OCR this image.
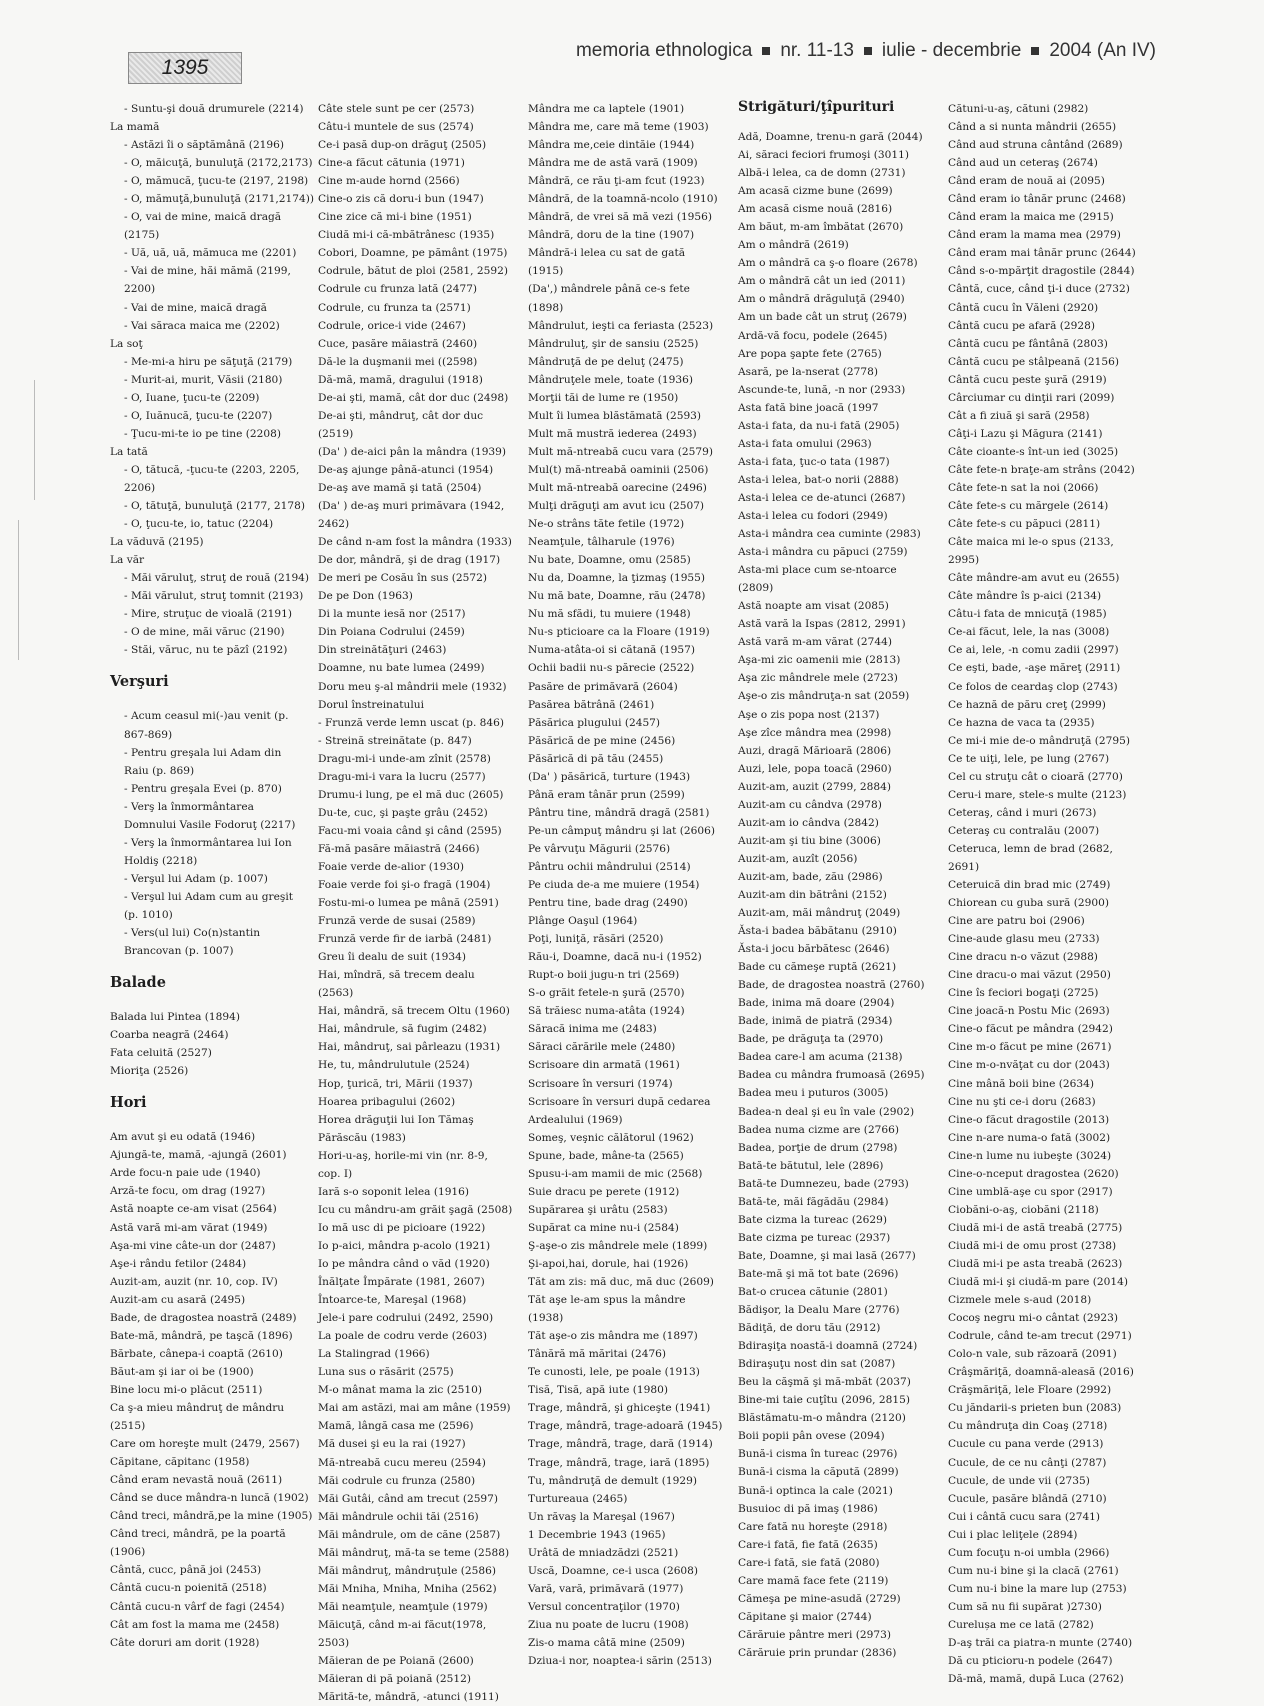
1395
memoria ethnologica nr. 11-13 iulie - decembrie 2004 (An IV)
- Suntu-şi două drumurele (2214)
La mamă
- Astăzi îi o săptămână (2196)
- O, măicuţă, bunuluţă (2172,2173)
- O, mămucă, ţucu-te (2197, 2198)
- O, mămuţă,bunuluţă (2171,2174))
- O, vai de mine, maică dragă (2175)
- Uă, uă, uă, mămuca me (2201)
- Vai de mine, hăi mămă (2199, 2200)
- Vai de mine, maică dragă
- Vai săraca maica me (2202)
La soţ
- Me-mi-a hiru pe săţuţă (2179)
- Murit-ai, murit, Văsii (2180)
- O, Iuane, ţucu-te (2209)
- O, Iuănucă, ţucu-te (2207)
- Ţucu-mi-te io pe tine (2208)
La tată
- O, tătucă, -ţucu-te (2203, 2205, 2206)
- O, tătuţă, bunuluţă (2177, 2178)
- O, ţucu-te, io, tatuc (2204)
La văduvă (2195)
La văr
- Măi văruluţ, struţ de rouă (2194)
- Măi vărulut, struţ tomnit (2193)
- Mire, struţuc de vioală (2191)
- O de mine, măi văruc (2190)
- Stăi, văruc, nu te păzî (2192)
Verşuri
- Acum ceasul mi(-)au venit (p. 867-869)
- Pentru greşala lui Adam din Raiu (p. 869)
- Pentru greşala Evei (p. 870)
- Verş la înmormântarea Domnului Vasile Fodoruţ (2217)
- Verş la înmormântarea lui Ion Holdiş (2218)
- Verşul lui Adam (p. 1007)
- Verşul lui Adam cum au greşit (p. 1010)
- Vers(ul lui) Co(n)stantin Brancovan (p. 1007)
Balade
Balada lui Pintea (1894)
Coarba neagră (2464)
Fata celuită (2527)
Mioriţa (2526)
Hori
Am avut şi eu odată (1946)
Ajungă-te, mamă, -ajungă (2601)
Arde focu-n paie ude (1940)
Arză-te focu, om drag (1927)
Astă noapte ce-am visat (2564)
Astă vară mi-am vărat (1949)
Aşa-mi vine câte-un dor (2487)
Aşe-i rându fetilor (2484)
Auzit-am, auzit (nr. 10, cop. IV)
Auzit-am cu asară (2495)
Bade, de dragostea noastră (2489)
Bate-mă, mândră, pe taşcă (1896)
Bărbate, cânepa-i coaptă (2610)
Băut-am şi iar oi be (1900)
Bine locu mi-o plăcut (2511)
Ca ş-a mieu mândruţ de mândru (2515)
Care om horeşte mult (2479, 2567)
Căpitane, căpitanc (1958)
Când eram nevastă nouă (2611)
Când se duce mândra-n luncă (1902)
Când treci, mândră,pe la mine (1905)
Când treci, mândră, pe la poartă (1906)
Cântă, cucc, până joi (2453)
Cântă cucu-n poienită (2518)
Cântă cucu-n vârf de fagi (2454)
Cât am fost la mama me (2458)
Câte doruri am dorit (1928)
Câte stele sunt pe cer (2573)
Câtu-i muntele de sus (2574)
Ce-i pasă dup-on drăguţ (2505)
Cine-a făcut cătunia (1971)
Cine m-aude hornd (2566)
Cine-o zis că doru-i bun (1947)
Cine zice că mi-i bine (1951)
Ciudă mi-i că-mbătrânesc (1935)
Cobori, Doamne, pe pământ (1975)
Codrule, bătut de ploi (2581, 2592)
Codrule cu frunza lată (2477)
Codrule, cu frunza ta (2571)
Codrule, orice-i vide (2467)
Cuce, pasăre măiastră (2460)
Dă-le la duşmanii mei ((2598)
Dă-mă, mamă, dragului (1918)
De-ai şti, mamă, cât dor duc (2498)
De-ai şti, mândruţ, cât dor duc (2519)
(Da' ) de-aici pân la mândra (1939)
De-aş ajunge până-atunci (1954)
De-aş ave mamă şi tată (2504)
(Da' ) de-aş muri primăvara (1942, 2462)
De când n-am fost la mândra (1933)
De dor, mândră, şi de drag (1917)
De meri pe Cosău în sus (2572)
De pe Don (1963)
Di la munte iesă nor (2517)
Din Poiana Codrului (2459)
Din streinătăţuri (2463)
Doamne, nu bate lumea (2499)
Doru meu ş-al mândrii mele (1932)
Dorul înstreinatului
- Frunză verde lemn uscat (p. 846)
- Streină streinătate (p. 847)
Dragu-mi-i unde-am zînit (2578)
Dragu-mi-i vara la lucru (2577)
Drumu-i lung, pe el mă duc (2605)
Du-te, cuc, şi paşte grâu (2452)
Facu-mi voaia când şi când (2595)
Fă-mă pasăre măiastră (2466)
Foaie verde de-alior (1930)
Foaie verde foi şi-o fragă (1904)
Fostu-mi-o lumea pe mână (2591)
Frunză verde de susai (2589)
Frunză verde fir de iarbă (2481)
Greu îi dealu de suit (1934)
Hai, mîndră, să trecem dealu (2563)
Hai, mândră, să trecem Oltu (1960)
Hai, mândrule, să fugim (2482)
Hai, mândruţ, sai pârleazu (1931)
He, tu, mândrulutule (2524)
Hop, ţurică, tri, Mării (1937)
Hoarea pribagului (2602)
Horea drăguţii lui Ion Tămaş Părăscău (1983)
Hori-u-aş, horile-mi vin (nr. 8-9, cop. I)
Iară s-o soponit lelea (1916)
Icu cu mândru-am grăit şagă (2508)
Io mă usc di pe picioare (1922)
Io p-aici, mândra p-acolo (1921)
Io pe mândra când o văd (1920)
Înălţate Împărate (1981, 2607)
Întoarce-te, Mareşal (1968)
Jele-i pare codrului (2492, 2590)
La poale de codru verde (2603)
La Stalingrad (1966)
Luna sus o răsărit (2575)
M-o mânat mama la zic (2510)
Mai am astăzi, mai am mâne (1959)
Mamă, lângă casa me (2596)
Mă dusei şi eu la rai (1927)
Mă-ntreabă cucu mereu (2594)
Măi codrule cu frunza (2580)
Măi Gutâi, când am trecut (2597)
Măi mândrule ochii tăi (2516)
Măi mândrule, om de căne (2587)
Măi mândruţ, mă-ta se teme (2588)
Măi mândruţ, mândruţule (2586)
Măi Mniha, Mniha, Mniha (2562)
Măi neamţule, neamţule (1979)
Măicuţă, când m-ai făcut(1978, 2503)
Măieran de pe Poiană (2600)
Măieran di pă poiană (2512)
Mărită-te, mândră, -atunci (1911)
Mândra me ca laptele (1901)
Mândra me, care mă teme (1903)
Mândra me,ceie dintăie (1944)
Mândra me de astă vară (1909)
Mândră, ce rău ţi-am fcut (1923)
Mândră, de la toamnă-ncolo (1910)
Mândră, de vrei să mă vezi (1956)
Mândră, doru de la tine (1907)
Mândră-i lelea cu sat de gată (1915)
(Da',) mândrele până ce-s fete (1898)
Mândrulut, ieşti ca feriasta (2523)
Mândruluţ, şir de sansiu (2525)
Mândruţă de pe deluţ (2475)
Mândruţele mele, toate (1936)
Morţii tăi de lume re (1950)
Mult îi lumea blăstămată (2593)
Mult mă mustră iederea (2493)
Mult mă-ntreabă cucu vara (2579)
Mul(t) mă-ntreabă oaminii (2506)
Mult mă-ntreabă oarecine (2496)
Mulţi drăguţi am avut icu (2507)
Ne-o strâns tăte fetile (1972)
Neamţule, tâlharule (1976)
Nu bate, Doamne, omu (2585)
Nu da, Doamne, la ţizmaş (1955)
Nu mă bate, Doamne, rău (2478)
Nu mă sfădi, tu muiere (1948)
Nu-s pticioare ca la Floare (1919)
Numa-atâta-oi si cătană (1957)
Ochii badii nu-s părecie (2522)
Pasăre de primăvară (2604)
Pasărea bătrână (2461)
Păsărica plugului (2457)
Păsărică de pe mine (2456)
Păsărică di pă tău (2455)
(Da' ) păsărică, turture (1943)
Până eram tânăr prun (2599)
Pântru tine, mândră dragă (2581)
Pe-un câmpuţ mândru şi lat (2606)
Pe vârvuţu Măgurii (2576)
Pântru ochii mândrului (2514)
Pe ciuda de-a me muiere (1954)
Pentru tine, bade drag (2490)
Plânge Oaşul (1964)
Poţi, luniţă, răsări (2520)
Rău-i, Doamne, dacă nu-i (1952)
Rupt-o boii jugu-n tri (2569)
S-o grăit fetele-n şură (2570)
Să trăiesc numa-atâta (1924)
Săracă inima me (2483)
Săraci cărările mele (2480)
Scrisoare din armată (1961)
Scrisoare în versuri (1974)
Scrisoare în versuri după cedarea Ardealului (1969)
Someş, veşnic călătorul (1962)
Spune, bade, mâne-ta (2565)
Spusu-i-am mamii de mic (2568)
Suie dracu pe perete (1912)
Supărarea şi urâtu (2583)
Supărat ca mine nu-i (2584)
Ş-aşe-o zis mândrele mele (1899)
Şi-apoi,hai, dorule, hai (1926)
Tăt am zis: mă duc, mă duc (2609)
Tăt aşe le-am spus la mândre (1938)
Tăt aşe-o zis mândra me (1897)
Tânără mă măritai (2476)
Te cunosti, lele, pe poale (1913)
Tisă, Tisă, apă iute (1980)
Trage, mândră, şi ghicеşte (1941)
Trage, mândră, trage-adoară (1945)
Trage, mândră, trage, dară (1914)
Trage, mândră, trage, iară (1895)
Tu, mândruţă de demult (1929)
Turturеaua (2465)
Un răvaş la Mareşal (1967)
1 Decembrie 1943 (1965)
Urâtă de mniadzădzi (2521)
Uscă, Doamne, ce-i usca (2608)
Vară, vară, primăvară (1977)
Versul concentraţilor (1970)
Ziua nu poate de lucru (1908)
Zis-o mama câtă mine (2509)
Dziua-i nor, noaptea-i sărin (2513)
Strigături/ţîpurituri
Adă, Doamne, trenu-n gară (2044)
Ai, săraci feciori frumoşi (3011)
Albă-i lelea, ca de domn (2731)
Am acasă cizme bune (2699)
Am acasă cisme nouă (2816)
Am băut, m-am îmbătat (2670)
Am o mândră (2619)
Am o mândră ca ş-o floare (2678)
Am o mândră cât un ied (2011)
Am o mândră drăguluţă (2940)
Am un bade cât un struţ (2679)
Ardă-vă focu, podele (2645)
Are popa şapte fete (2765)
Asară, pe la-nserat (2778)
Ascunde-te, lună, -n nor (2933)
Asta fată bine joacă (1997
Asta-i fata, da nu-i fată (2905)
Asta-i fata omului (2963)
Asta-i fata, ţuc-o tata (1987)
Asta-i lelea, bat-o norii (2888)
Asta-i lelea ce de-atunci (2687)
Asta-i lelea cu fodori (2949)
Asta-i mândra cea cuminte (2983)
Asta-i mândra cu păpuci (2759)
Asta-mi place cum se-ntoarce (2809)
Astă noapte am visat (2085)
Astă vară la Ispas (2812, 2991)
Astă vară m-am vărat (2744)
Aşa-mi zic oamenii mie (2813)
Aşa zic mândrele mele (2723)
Aşe-o zis mândruţa-n sat (2059)
Aşe o zis popa nost (2137)
Aşe zîce mândra mea (2998)
Auzi, dragă Mărioară (2806)
Auzi, lele, popa toacă (2960)
Auzit-am, auzit (2799, 2884)
Auzit-am cu cândva (2978)
Auzit-am io cândva (2842)
Auzit-am şi tiu bine (3006)
Auzit-am, auzît (2056)
Auzit-am, bade, zău (2986)
Auzit-am din bătrâni (2152)
Auzit-am, măi mândruţ (2049)
Ăsta-i badea băbătanu (2910)
Ăsta-i jocu bărbătesc (2646)
Bade cu cămeşe ruptă (2621)
Bade, de dragostea noastră (2760)
Bade, inima mă doare (2904)
Bade, inimă de piatră (2934)
Bade, pe drăguţa ta (2970)
Badea care-l am acuma (2138)
Badea cu mândra frumoasă (2695)
Badea meu i puturos (3005)
Badea-n deal şi eu în vale (2902)
Badea numa cizme are (2766)
Badea, porţie de drum (2798)
Bată-te bătutul, lele (2896)
Bată-te Dumnezeu, bade (2793)
Bată-te, măi făgădău (2984)
Bate cizma la tureac (2629)
Bate cizma pe tureac (2937)
Bate, Doamne, şi mai lasă (2677)
Bate-mă şi mă tot bate (2696)
Bat-o crucea cătunie (2801)
Bădişor, la Dealu Mare (2776)
Bădiţă, de doru tău (2912)
Bdiraşiţa noastă-i doamnă (2724)
Bdiraşuţu nost din sat (2087)
Beu la căşmă şi mă-mbăt (2037)
Bine-mi taie cuţîtu (2096, 2815)
Blăstămatu-m-o mândra (2120)
Boii popii pân ovese (2094)
Bună-i cisma în tureac (2976)
Bună-i cisma la căpută (2899)
Bună-i optinca la cale (2021)
Busuioc di pă imaş (1986)
Care fată nu horeşte (2918)
Care-i fată, fie fată (2635)
Care-i fată, sie fată (2080)
Care mamă face fete (2119)
Cămeşa pe mine-asudă (2729)
Căpitane şi maior (2744)
Cărăruie pântre meri (2973)
Cărăruie prin prundar (2836)
Cătuni-u-aş, cătuni (2982)
Când a si nunta mândrii (2655)
Când aud struna cântând (2689)
Când aud un ceteraş (2674)
Când eram de nouă ai (2095)
Când eram io tânăr prunc (2468)
Când eram la maica me (2915)
Când eram la mama mea (2979)
Când eram mai tânăr prunc (2644)
Când s-o-mpărţit dragostile (2844)
Cântă, cuce, când ţi-i duce (2732)
Cântă cucu în Văleni (2920)
Cântă cucu pe afară (2928)
Cântă cucu pe fântână (2803)
Cântă cucu pe stâlpeană (2156)
Cântă cucu peste şură (2919)
Cârciumar cu dinţii rari (2099)
Cât a fi ziuă şi sară (2958)
Câţi-i Lazu şi Măgura (2141)
Câte cioante-s înt-un ied (3025)
Câte fete-n braţe-am strâns (2042)
Câte fete-n sat la noi (2066)
Câte fete-s cu mărgele (2614)
Câte fete-s cu păpuci (2811)
Câte maica mi le-o spus (2133, 2995)
Câte mândre-am avut eu (2655)
Câte mândre îs p-aici (2134)
Câtu-i fata de mnicuţă (1985)
Ce-ai făcut, lele, la nas (3008)
Ce ai, lele, -n comu zadii (2997)
Ce eşti, bade, -aşe mărеţ (2911)
Ce folos de ceardaş clop (2743)
Ce haznă de păru creţ (2999)
Ce hazna de vaca ta (2935)
Ce mi-i mie de-o mândruţă (2795)
Ce te uiţi, lele, pe lung (2767)
Cel cu struţu cât o cioară (2770)
Ceru-i mare, stele-s multe (2123)
Ceteraş, când i muri (2673)
Ceteraş cu contralău (2007)
Ceteruca, lemn de brad (2682, 2691)
Ceteruică din brad mic (2749)
Chiorean cu guba sură (2900)
Cine are patru boi (2906)
Cine-aude glasu meu (2733)
Cine dracu n-o văzut (2988)
Cine dracu-o mai văzut (2950)
Cine îs feciori bogaţi (2725)
Cine joacă-n Postu Mic (2693)
Cine-o făcut pe mândra (2942)
Cine m-o făcut pe mine (2671)
Cine m-o-nvăţat cu dor (2043)
Cine mână boii bine (2634)
Cine nu şti ce-i doru (2683)
Cine-o făcut dragostile (2013)
Cine n-are numa-o fată (3002)
Cine-n lume nu iubeşte (3024)
Cine-o-nceput dragostea (2620)
Cine umblă-aşe cu spor (2917)
Ciobăni-o-aş, ciobăni (2118)
Ciudă mi-i de astă treabă (2775)
Ciudă mi-i de omu prost (2738)
Ciudă mi-i pe asta treabă (2623)
Ciudă mi-i şi ciudă-m pare (2014)
Cizmele mele s-aud (2018)
Cocoş negru mi-o cântat (2923)
Codrule, când te-am trecut (2971)
Colo-n vale, sub răzoară (2091)
Crâşmăriţă, doamnă-aleasă (2016)
Crăşmăriţă, lele Floare (2992)
Cu jăndarii-s prieten bun (2083)
Cu mândruţa din Coaş (2718)
Cucule cu pana verde (2913)
Cucule, de ce nu cânţi (2787)
Cucule, de unde vii (2735)
Cucule, pasăre blândă (2710)
Cui i cântă cucu sara (2741)
Cui i plac leliţele (2894)
Cum focuţu n-oi umbla (2966)
Cum nu-i bine şi la clacă (2761)
Cum nu-i bine la mare lup (2753)
Cum să nu fii supărat )2730)
Curelușa me ce lată (2782)
D-aş trăi ca piatra-n munte (2740)
Dă cu pticioru-n podele (2647)
Dă-mă, mamă, după Luca (2762)
